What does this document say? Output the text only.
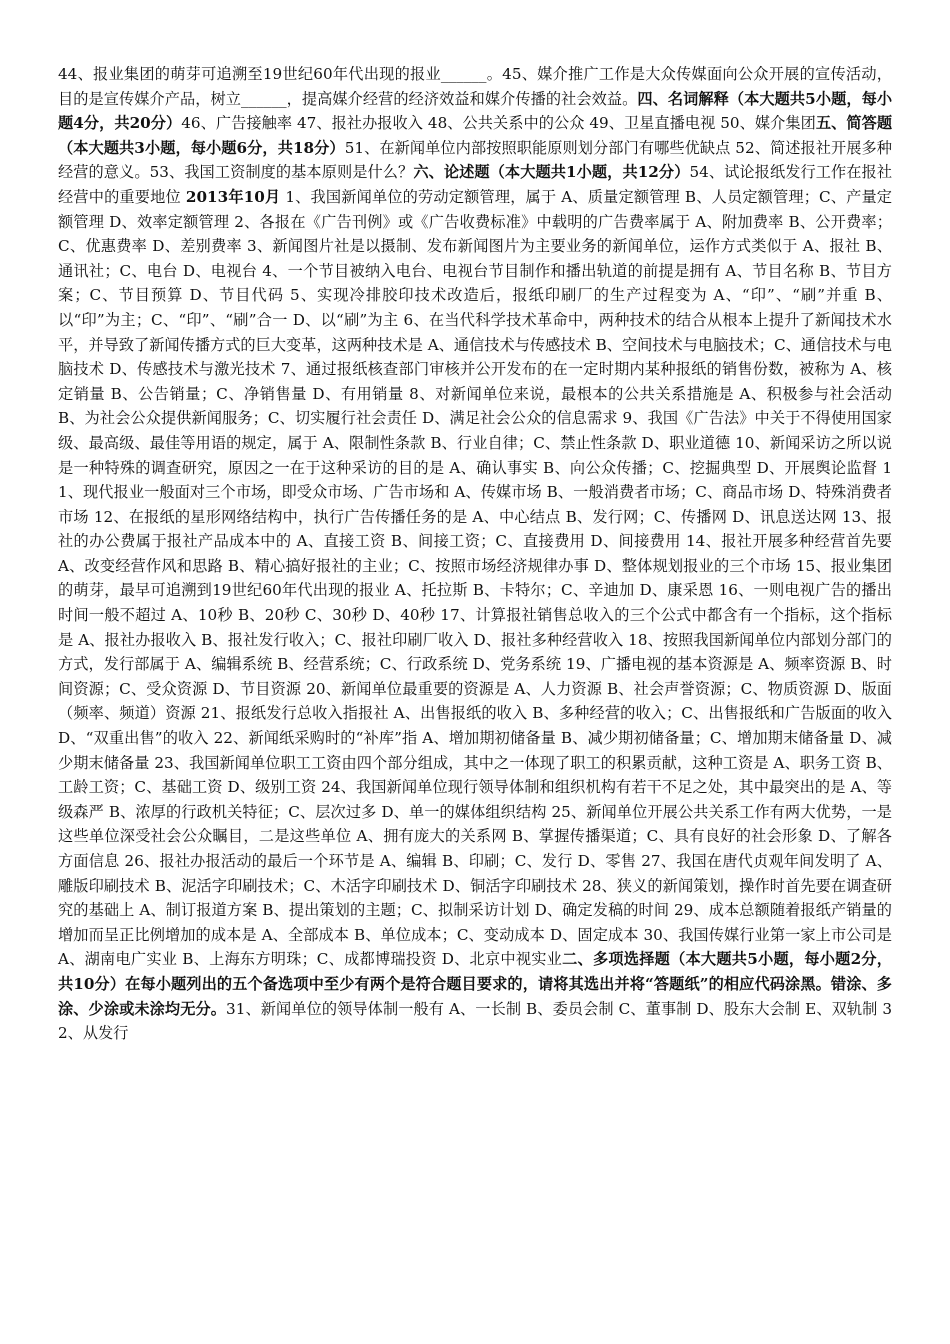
44、报业集团的萌芽可追溯至19世纪60年代出现的报业______。45、媒介推广工作是大众传媒面向公众开展的宣传活动，目的是宣传媒介产品，树立______，提高媒介经营的经济效益和媒介传播的社会效益。四、名词解释（本大题共5小题，每小题4分，共20分）46、广告接触率 47、报社办报收入 48、公共关系中的公众 49、卫星直播电视 50、媒介集团五、简答题（本大题共3小题，每小题6分，共18分）51、在新闻单位内部按照职能原则划分部门有哪些优缺点 52、简述报社开展多种经营的意义。53、我国工资制度的基本原则是什么？六、论述题（本大题共1小题，共12分）54、试论报纸发行工作在报社经营中的重要地位 2013年10月 1、我国新闻单位的劳动定额管理，属于 A、质量定额管理 B、人员定额管理；C、产量定额管理 D、效率定额管理 2、各报在《广告刊例》或《广告收费标准》中载明的广告费率属于 A、附加费率 B、公开费率；C、优惠费率 D、差别费率 3、新闻图片社是以摄制、发布新闻图片为主要业务的新闻单位，运作方式类似于 A、报社 B、通讯社；C、电台 D、电视台 4、一个节目被纳入电台、电视台节目制作和播出轨道的前提是拥有 A、节目名称 B、节目方案；C、节目预算 D、节目代码 5、实现冷排胶印技术改造后，报纸印刷厂的生产过程变为 A、“印”、“刷”并重 B、以“印”为主；C、“印”、“刷”合一 D、以“刷”为主 6、在当代科学技术革命中，两种技术的结合从根本上提升了新闻技术水平，并导致了新闻传播方式的巨大变革，这两种技术是 A、通信技术与传感技术 B、空间技术与电脑技术；C、通信技术与电脑技术 D、传感技术与激光技术 7、通过报纸核查部门审核并公开发布的在一定时期内某种报纸的销售份数，被称为 A、核定销量 B、公告销量；C、净销售量 D、有用销量 8、对新闻单位来说，最根本的公共关系措施是 A、积极参与社会活动 B、为社会公众提供新闻服务；C、切实履行社会责任 D、满足社会公众的信息需求 9、我国《广告法》中关于不得使用国家级、最高级、最佳等用语的规定，属于 A、限制性条款 B、行业自律；C、禁止性条款 D、职业道德 10、新闻采访之所以说是一种特殊的调查研究，原因之一在于这种采访的目的是 A、确认事实 B、向公众传播；C、挖掘典型 D、开展舆论监督 11、现代报业一般面对三个市场，即受众市场、广告市场和 A、传媒市场 B、一般消费者市场；C、商品市场 D、特殊消费者市场 12、在报纸的星形网络结构中，执行广告传播任务的是 A、中心结点 B、发行网；C、传播网 D、讯息送达网 13、报社的办公费属于报社产品成本中的 A、直接工资 B、间接工资；C、直接费用 D、间接费用 14、报社开展多种经营首先要 A、改变经营作风和思路 B、精心搞好报社的主业；C、按照市场经济规律办事 D、整体规划报业的三个市场 15、报业集团的萌芽，最早可追溯到19世纪60年代出现的报业 A、托拉斯 B、卡特尔；C、辛迪加 D、康采恩 16、一则电视广告的播出时间一般不超过 A、10秒 B、20秒 C、30秒 D、40秒 17、计算报社销售总收入的三个公式中都含有一个指标，这个指标是 A、报社办报收入 B、报社发行收入；C、报社印刷厂收入 D、报社多种经营收入 18、按照我国新闻单位内部划分部门的方式，发行部属于 A、编辑系统 B、经营系统；C、行政系统 D、党务系统 19、广播电视的基本资源是 A、频率资源 B、时间资源；C、受众资源 D、节目资源 20、新闻单位最重要的资源是 A、人力资源 B、社会声誉资源；C、物质资源 D、版面（频率、频道）资源 21、报纸发行总收入指报社 A、出售报纸的收入 B、多种经营的收入；C、出售报纸和广告版面的收入 D、“双重出售”的收入 22、新闻纸采购时的“补库”指 A、增加期初储备量 B、减少期初储备量；C、增加期末储备量 D、减少期末储备量 23、我国新闻单位职工工资由四个部分组成，其中之一体现了职工的积累贡献，这种工资是 A、职务工资 B、工龄工资；C、基础工资 D、级别工资 24、我国新闻单位现行领导体制和组织机构有若干不足之处，其中最突出的是 A、等级森严 B、浓厚的行政机关特征；C、层次过多 D、单一的媒体组织结构 25、新闻单位开展公共关系工作有两大优势，一是这些单位深受社会公众瞩目，二是这些单位 A、拥有庞大的关系网 B、掌握传播渠道；C、具有良好的社会形象 D、了解各方面信息 26、报社办报活动的最后一个环节是 A、编辑 B、印刷；C、发行 D、零售 27、我国在唐代贞观年间发明了 A、雕版印刷技术 B、泥活字印刷技术；C、木活字印刷技术 D、铜活字印刷技术 28、狭义的新闻策划，操作时首先要在调查研究的基础上 A、制订报道方案 B、提出策划的主题；C、拟制采访计划 D、确定发稿的时间 29、成本总额随着报纸产销量的增加而呈正比例增加的成本是 A、全部成本 B、单位成本；C、变动成本 D、固定成本 30、我国传媒行业第一家上市公司是 A、湖南电广实业 B、上海东方明珠；C、成都博瑞投资 D、北京中视实业二、多项选择题（本大题共5小题，每小题2分，共10分）在每小题列出的五个备选项中至少有两个是符合题目要求的，请将其选出并将“答题纸”的相应代码涂黑。错涂、多涂、少涂或未涂均无分。31、新闻单位的领导体制一般有 A、一长制 B、委员会制 C、董事制 D、股东大会制 E、双轨制 32、从发行
